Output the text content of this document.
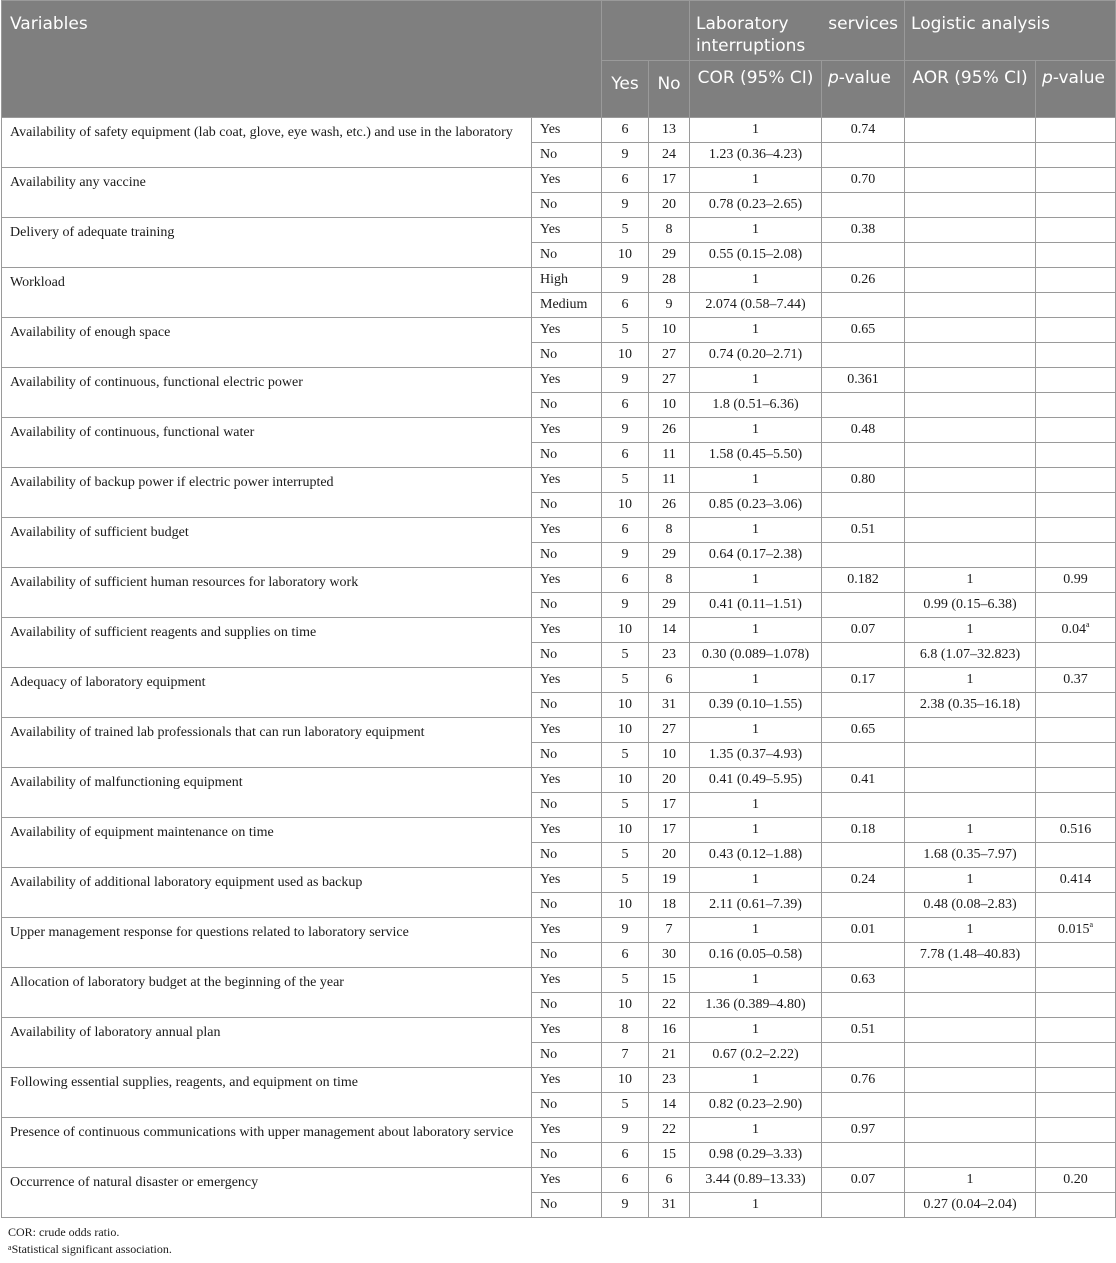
Variables				Laboratory services interruptions		Logistic analysis	
		Yes	No	COR (95% CI)	p-value	AOR (95% CI)	p-value
Availability of safety equipment (lab coat, glove, eye wash, etc.) and use in the laboratory	Yes	6	13	1	0.74		
	No	9	24	1.23 (0.36–4.23)			
Availability any vaccine	Yes	6	17	1	0.70		
	No	9	20	0.78 (0.23–2.65)			
Delivery of adequate training	Yes	5	8	1	0.38		
	No	10	29	0.55 (0.15–2.08)			
Workload	High	9	28	1	0.26		
	Medium	6	9	2.074 (0.58–7.44)			
Availability of enough space	Yes	5	10	1	0.65		
	No	10	27	0.74 (0.20–2.71)			
Availability of continuous, functional electric power	Yes	9	27	1	0.361		
	No	6	10	1.8 (0.51–6.36)			
Availability of continuous, functional water	Yes	9	26	1	0.48		
	No	6	11	1.58 (0.45–5.50)			
Availability of backup power if electric power interrupted	Yes	5	11	1	0.80		
	No	10	26	0.85 (0.23–3.06)			
Availability of sufficient budget	Yes	6	8	1	0.51		
	No	9	29	0.64 (0.17–2.38)			
Availability of sufficient human resources for laboratory work	Yes	6	8	1	0.182	1	0.99
	No	9	29	0.41 (0.11–1.51)		0.99 (0.15–6.38)	
Availability of sufficient reagents and supplies on time	Yes	10	14	1	0.07	1	0.04$^a$
	No	5	23	0.30 (0.089–1.078)		6.8 (1.07–32.823)	
Adequacy of laboratory equipment	Yes	5	6	1	0.17	1	0.37
	No	10	31	0.39 (0.10–1.55)		2.38 (0.35–16.18)	
Availability of trained lab professionals that can run laboratory equipment	Yes	10	27	1	0.65		
	No	5	10	1.35 (0.37–4.93)			
Availability of malfunctioning equipment	Yes	10	20	0.41 (0.49–5.95)	0.41		
	No	5	17	1			
Availability of equipment maintenance on time	Yes	10	17	1	0.18	1	0.516
	No	5	20	0.43 (0.12–1.88)		1.68 (0.35–7.97)	
Availability of additional laboratory equipment used as backup	Yes	5	19	1	0.24	1	0.414
	No	10	18	2.11 (0.61–7.39)		0.48 (0.08–2.83)	
Upper management response for questions related to laboratory service	Yes	9	7	1	0.01	1	0.015$^a$
	No	6	30	0.16 (0.05–0.58)		7.78 (1.48–40.83)	
Allocation of laboratory budget at the beginning of the year	Yes	5	15	1	0.63		
	No	10	22	1.36 (0.389–4.80)			
Availability of laboratory annual plan	Yes	8	16	1	0.51		
	No	7	21	0.67 (0.2–2.22)			
Following essential supplies, reagents, and equipment on time	Yes	10	23	1	0.76		
	No	5	14	0.82 (0.23–2.90)			
Presence of continuous communications with upper management about laboratory service	Yes	9	22	1	0.97		
	No	6	15	0.98 (0.29–3.33)			
Occurrence of natural disaster or emergency	Yes	6	6	3.44 (0.89–13.33)	0.07	1	0.20
	No	9	31	1		0.27 (0.04–2.04)	
COR: crude odds ratio.
$^a$Statistical significant association.
